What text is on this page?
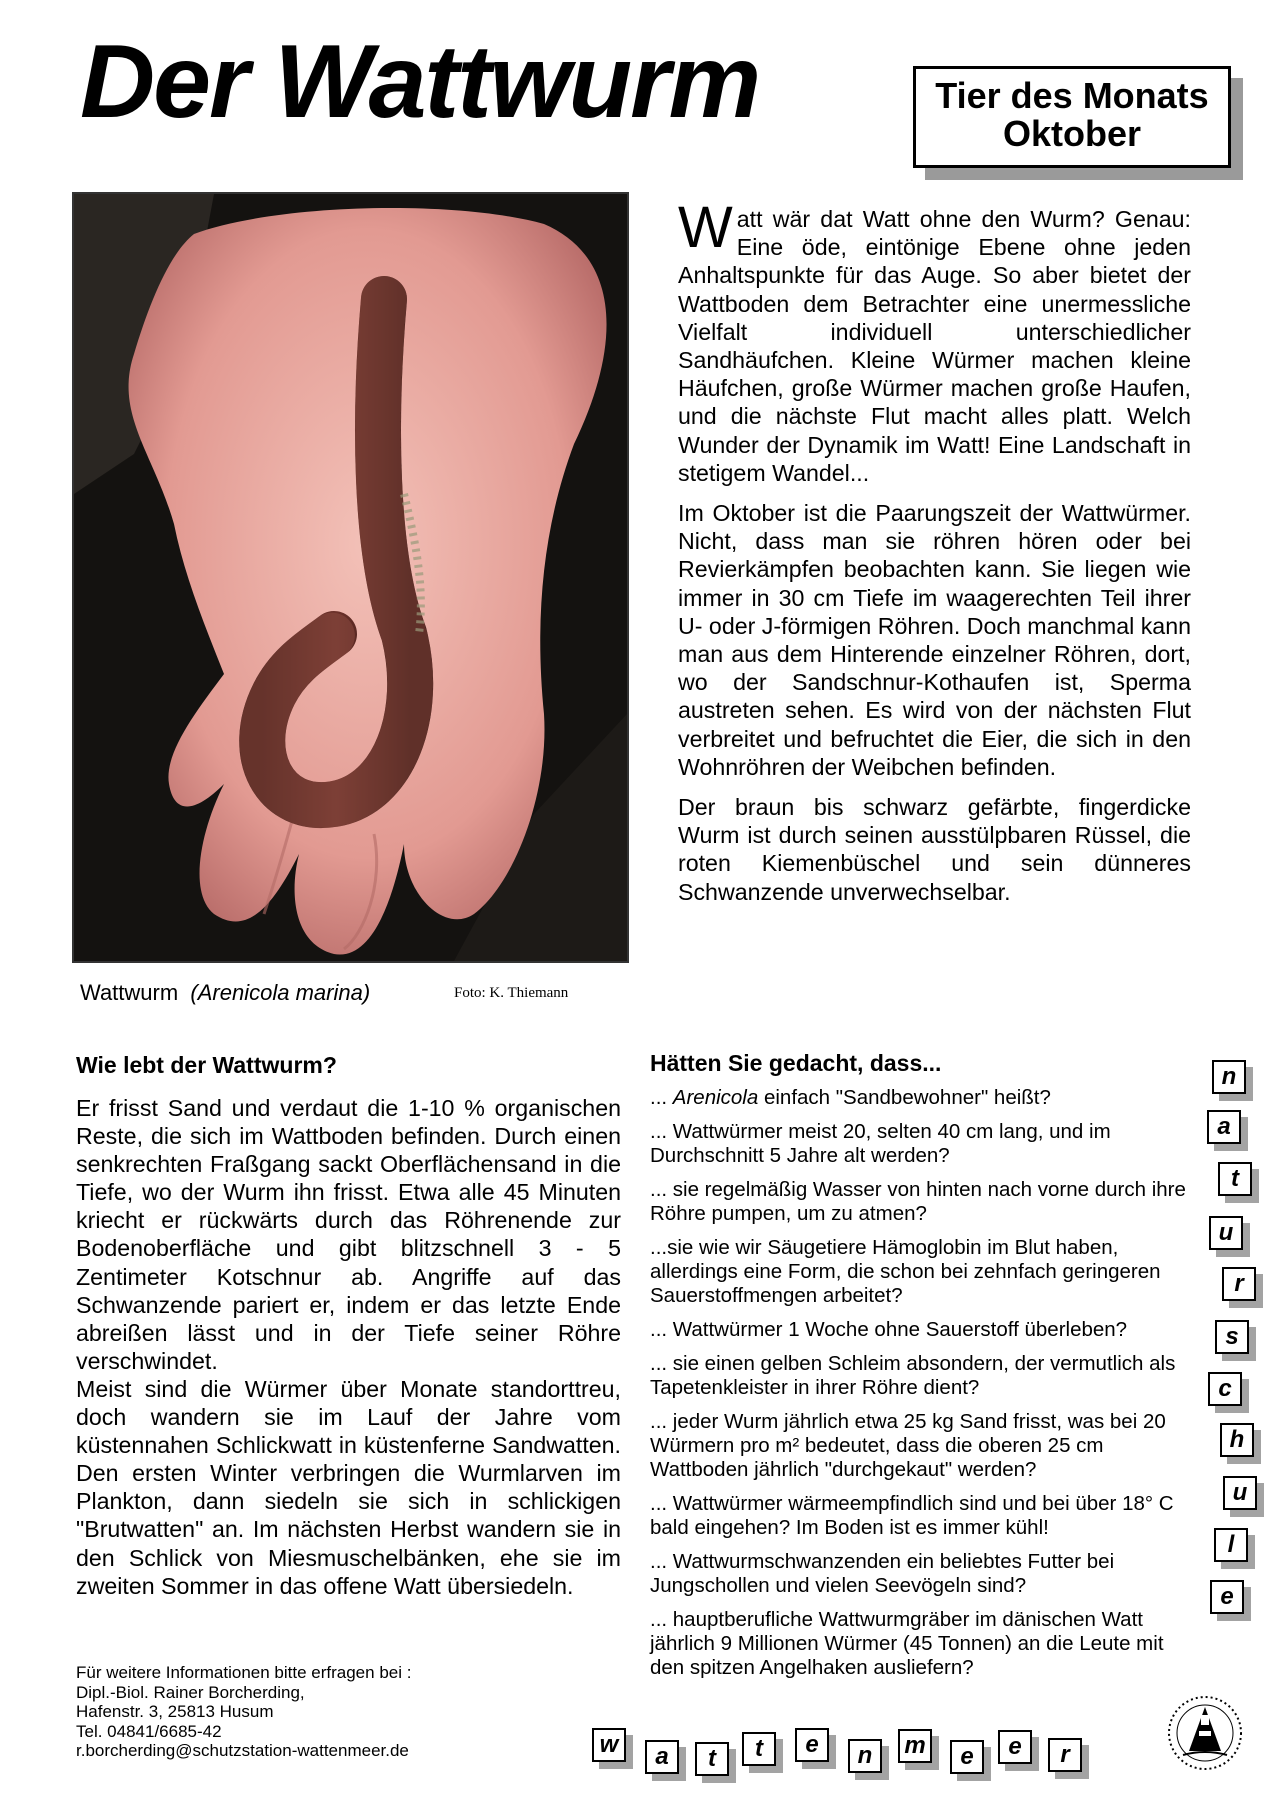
Der Wattwurm	Tier des Monats
Oktober
Wattwurm (Arenicola marina)	Foto: K. Thiemann

Watt wär dat Watt ohne den Wurm? Genau: Eine öde, eintönige Ebene ohne jeden Anhaltspunkte für das Auge. So aber bietet der Wattboden dem Betrachter eine unermessliche Vielfalt individuell unterschiedlicher Sandhäufchen. Kleine Würmer machen kleine Häufchen, große Würmer machen große Haufen, und die nächste Flut macht alles platt. Welch Wunder der Dynamik im Watt! Eine Landschaft in stetigem Wandel...

Im Oktober ist die Paarungszeit der Wattwürmer. Nicht, dass man sie röhren hören oder bei Revierkämpfen beobachten kann. Sie liegen wie immer in 30 cm Tiefe im waagerechten Teil ihrer U- oder J-förmigen Röhren. Doch manchmal kann man aus dem Hinterende einzelner Röhren, dort, wo der Sandschnur-Kothaufen ist, Sperma austreten sehen. Es wird von der nächsten Flut verbreitet und befruchtet die Eier, die sich in den Wohnröhren der Weibchen befinden.

Der braun bis schwarz gefärbte, fingerdicke Wurm ist durch seinen ausstülpbaren Rüssel, die roten Kiemenbüschel und sein dünneres Schwanzende unverwechselbar.

Wie lebt der Wattwurm?
Er frisst Sand und verdaut die 1-10 % organischen Reste, die sich im Wattboden befinden. Durch einen senkrechten Fraßgang sackt Oberflächensand in die Tiefe, wo der Wurm ihn frisst. Etwa alle 45 Minuten kriecht er rückwärts durch das Röhrenende zur Bodenoberfläche und gibt blitzschnell 3 - 5 Zentimeter Kotschnur ab. Angriffe auf das Schwanzende pariert er, indem er das letzte Ende abreißen lässt und in der Tiefe seiner Röhre verschwindet.
Meist sind die Würmer über Monate standorttreu, doch wandern sie im Lauf der Jahre vom küstennahen Schlickwatt in küstenferne Sandwatten. Den ersten Winter verbringen die Wurmlarven im Plankton, dann siedeln sie sich in schlickigen "Brutwatten" an. Im nächsten Herbst wandern sie in den Schlick von Miesmuschelbänken, ehe sie im zweiten Sommer in das offene Watt übersiedeln.
Hätten Sie gedacht, dass...

... Arenicola einfach "Sandbewohner" heißt?

... Wattwürmer meist 20, selten 40 cm lang, und im Durchschnitt 5 Jahre alt werden?

... sie regelmäßig Wasser von hinten nach vorne durch ihre Röhre pumpen, um zu atmen?

...sie wie wir Säugetiere Hämoglobin im Blut haben, allerdings eine Form, die schon bei zehnfach geringeren Sauerstoffmengen arbeitet?

... Wattwürmer 1 Woche ohne Sauerstoff überleben?

... sie einen gelben Schleim absondern, der vermutlich als Tapetenkleister in ihrer Röhre dient?

... jeder Wurm jährlich etwa 25 kg Sand frisst, was bei 20 Würmern pro m² bedeutet, dass die oberen 25 cm Wattboden jährlich "durchgekaut" werden?

... Wattwürmer wärmeempfindlich sind und bei über 18° C bald eingehen? Im Boden ist es immer kühl!

... Wattwurmschwanzenden ein beliebtes Futter bei Jungschollen und vielen Seevögeln sind?

... hauptberufliche Wattwurmgräber im dänischen Watt jährlich 9 Millionen Würmer (45 Tonnen) an die Leute mit den spitzen Angelhaken ausliefern?

Für weitere Informationen bitte erfragen bei :
Dipl.-Biol. Rainer Borcherding,
Hafenstr. 3, 25813 Husum
Tel. 04841/6685-42
r.borcherding@schutzstation-wattenmeer.de
n
a
t
u
r
s
c
h
u
l
e
w	a	t	t	e	n	m	e	e	r
